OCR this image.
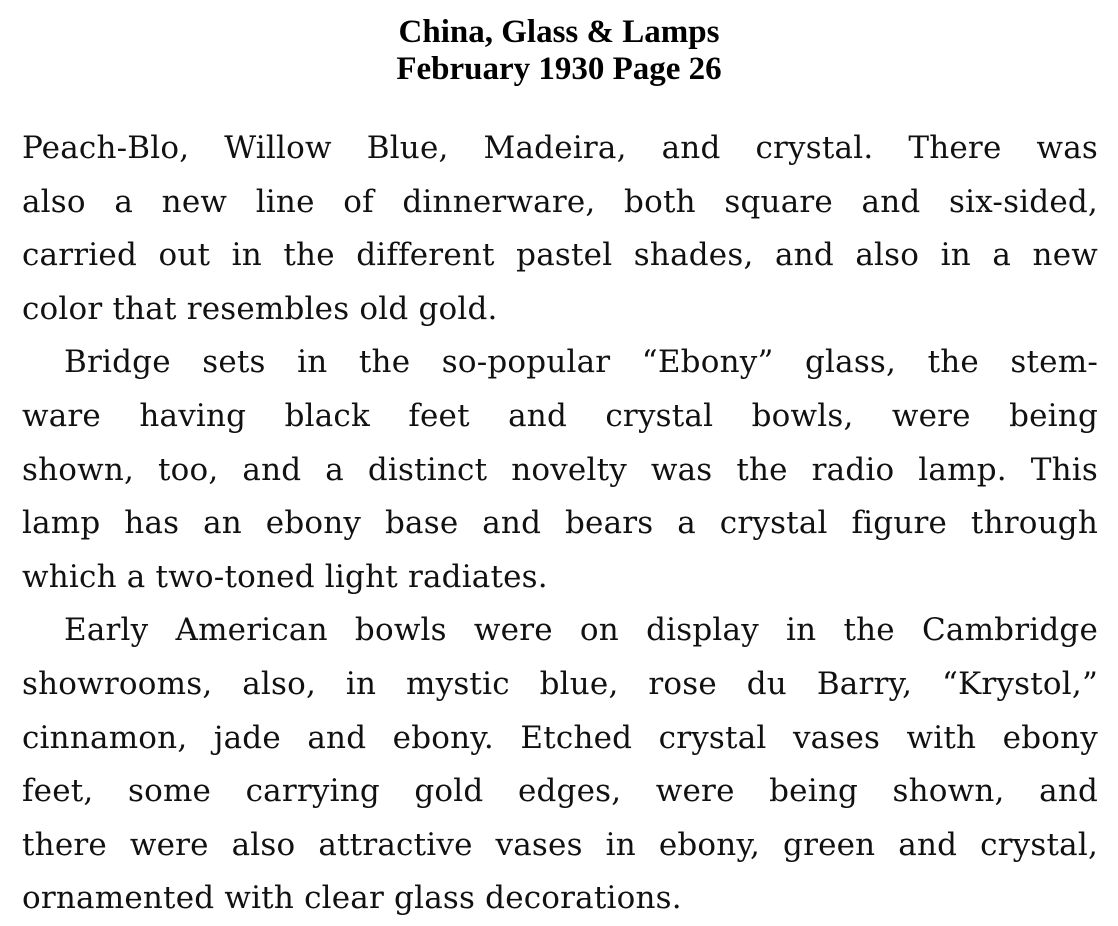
China, Glass & Lamps
February 1930 Page 26
Peach-Blo, Willow Blue, Madeira, and crystal. There was
also a new line of dinnerware, both square and six-sided,
carried out in the different pastel shades, and also in a new
color that resembles old gold.
Bridge sets in the so-popular “Ebony” glass, the stem-
ware having black feet and crystal bowls, were being
shown, too, and a distinct novelty was the radio lamp. This
lamp has an ebony base and bears a crystal figure through
which a two-toned light radiates.
Early American bowls were on display in the Cambridge
showrooms, also, in mystic blue, rose du Barry, “Krystol,”
cinnamon, jade and ebony. Etched crystal vases with ebony
feet, some carrying gold edges, were being shown, and
there were also attractive vases in ebony, green and crystal,
ornamented with clear glass decorations.
